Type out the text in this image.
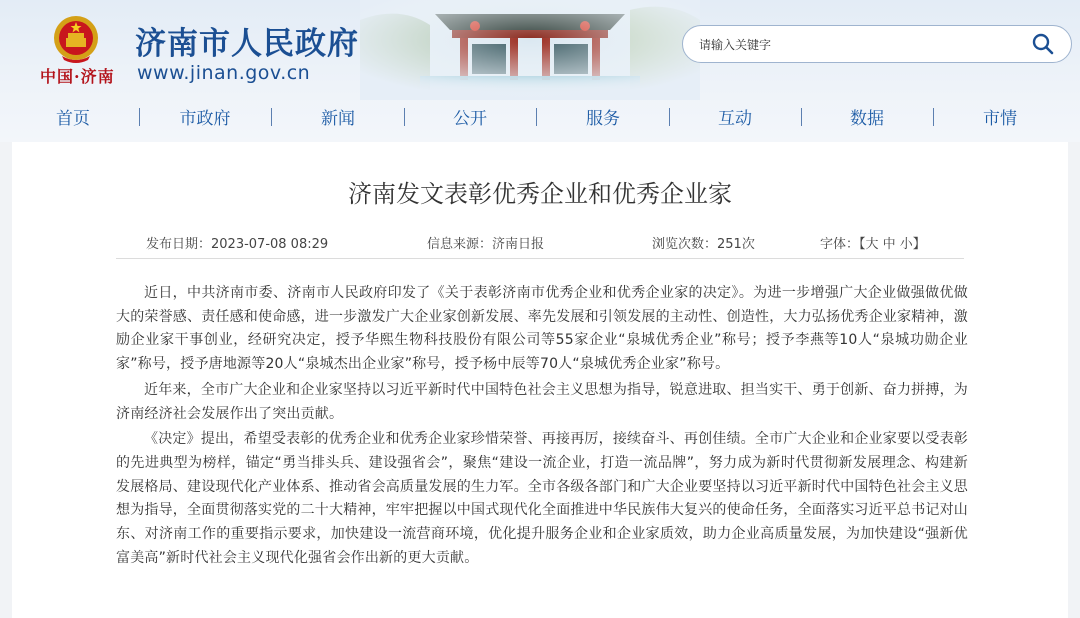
中国·济南
济南市人民政府
www.jinan.gov.cn
请输入关键字
首页	市政府	新闻	公开	服务	互动	数据	市情
济南发文表彰优秀企业和优秀企业家
发布日期：2023-07-08 08:29	信息来源：济南日报	浏览次数：251次	字体：【大 中 小】

近日，中共济南市委、济南市人民政府印发了《关于表彰济南市优秀企业和优秀企业家的决定》。为进一步增强广大企业做强做优做大的荣誉感、责任感和使命感，进一步激发广大企业家创新发展、率先发展和引领发展的主动性、创造性，大力弘扬优秀企业家精神，激励企业家干事创业，经研究决定，授予华熙生物科技股份有限公司等55家企业“泉城优秀企业”称号；授予李燕等10人“泉城功勋企业家”称号，授予唐地源等20人“泉城杰出企业家”称号，授予杨中辰等70人“泉城优秀企业家”称号。

近年来，全市广大企业和企业家坚持以习近平新时代中国特色社会主义思想为指导，锐意进取、担当实干、勇于创新、奋力拼搏，为济南经济社会发展作出了突出贡献。

《决定》提出，希望受表彰的优秀企业和优秀企业家珍惜荣誉、再接再厉，接续奋斗、再创佳绩。全市广大企业和企业家要以受表彰的先进典型为榜样，锚定“勇当排头兵、建设强省会”，聚焦“建设一流企业，打造一流品牌”，努力成为新时代贯彻新发展理念、构建新发展格局、建设现代化产业体系、推动省会高质量发展的生力军。全市各级各部门和广大企业要坚持以习近平新时代中国特色社会主义思想为指导，全面贯彻落实党的二十大精神，牢牢把握以中国式现代化全面推进中华民族伟大复兴的使命任务，全面落实习近平总书记对山东、对济南工作的重要指示要求，加快建设一流营商环境，优化提升服务企业和企业家质效，助力企业高质量发展，为加快建设“强新优富美高”新时代社会主义现代化强省会作出新的更大贡献。
